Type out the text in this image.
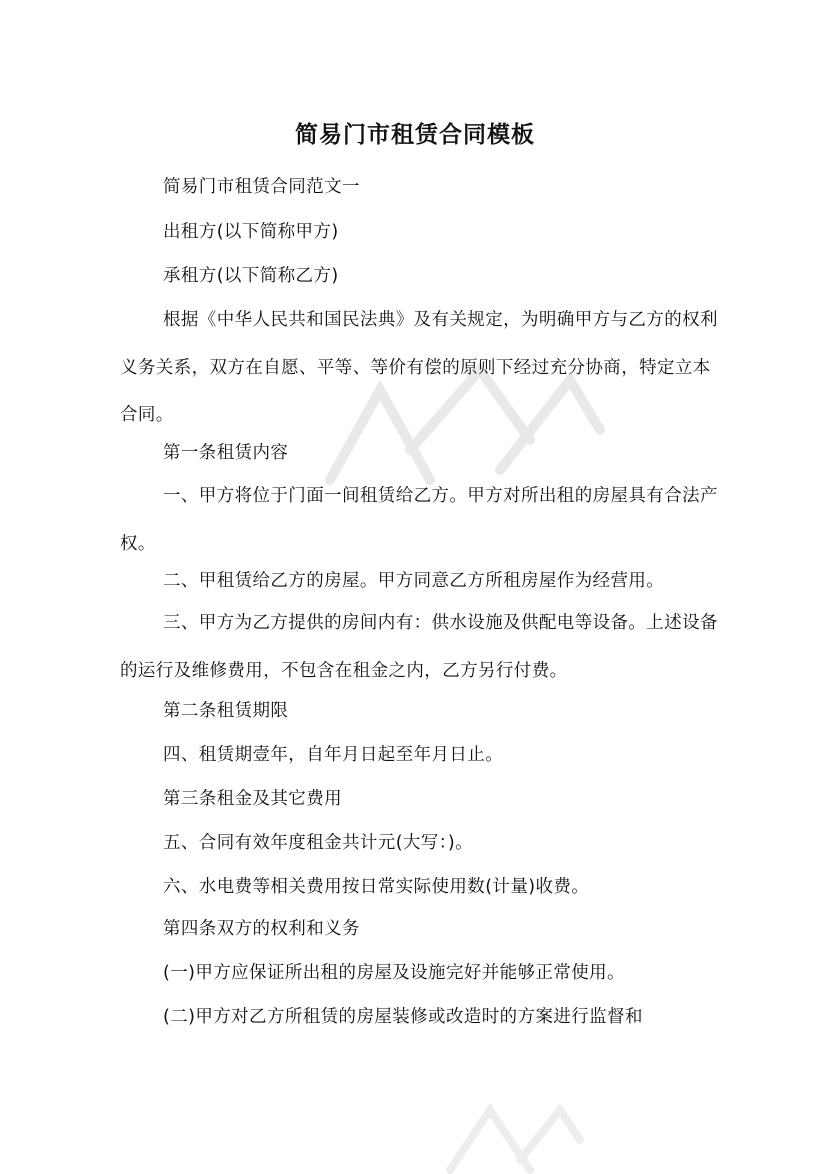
简易门市租赁合同模板

简易门市租赁合同范文一

出租方(以下简称甲方)

承租方(以下简称乙方)

根据《中华人民共和国民法典》及有关规定，为明确甲方与乙方的权利义务关系，双方在自愿、平等、等价有偿的原则下经过充分协商，特定立本合同。

第一条租赁内容

一、甲方将位于门面一间租赁给乙方。甲方对所出租的房屋具有合法产权。

二、甲租赁给乙方的房屋。甲方同意乙方所租房屋作为经营用。

三、甲方为乙方提供的房间内有：供水设施及供配电等设备。上述设备的运行及维修费用，不包含在租金之内，乙方另行付费。

第二条租赁期限

四、租赁期壹年，自年月日起至年月日止。

第三条租金及其它费用

五、合同有效年度租金共计元(大写：)。

六、水电费等相关费用按日常实际使用数(计量)收费。

第四条双方的权利和义务

(一)甲方应保证所出租的房屋及设施完好并能够正常使用。

(二)甲方对乙方所租赁的房屋装修或改造时的方案进行监督和
